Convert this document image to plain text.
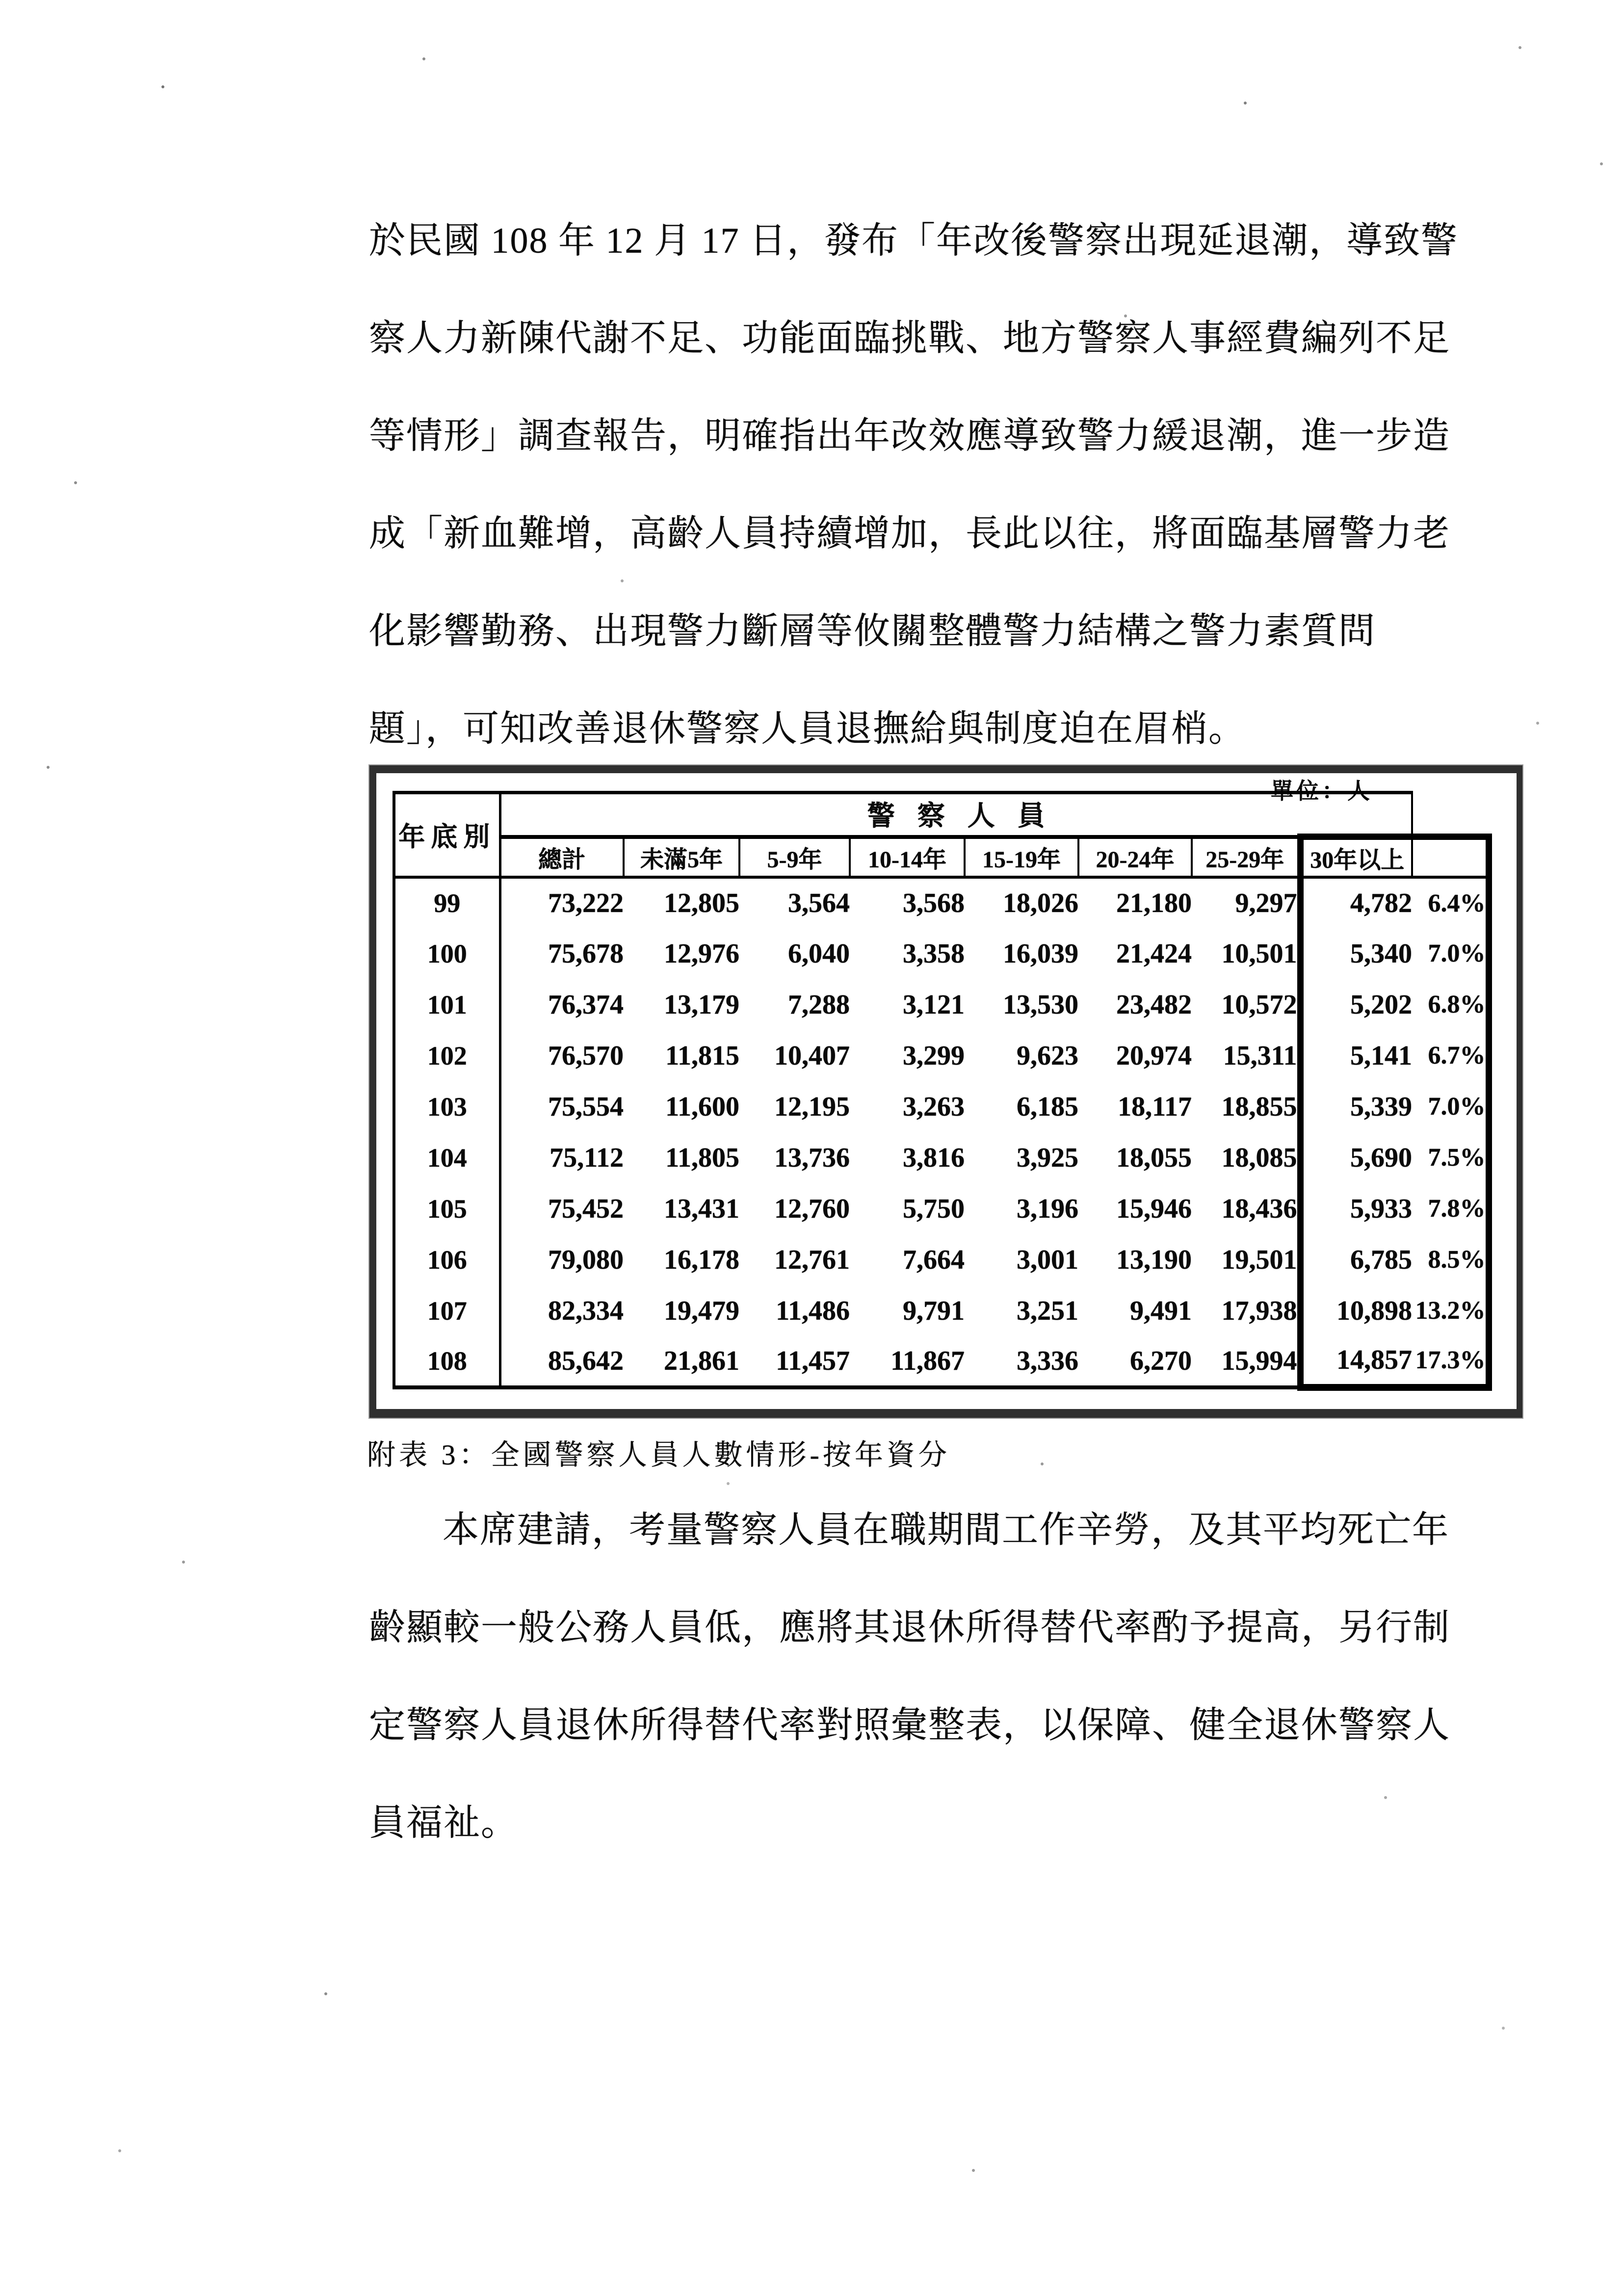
於民國 108 年 12 月 17 日，發布「年改後警察出現延退潮，導致警
察人力新陳代謝不足、功能面臨挑戰、地方警察人事經費編列不足
等情形」調查報告，明確指出年改效應導致警力緩退潮，進一步造
成「新血難增，高齡人員持續增加，長此以往，將面臨基層警力老
化影響勤務、出現警力斷層等攸關整體警力結構之警力素質問
題」，可知改善退休警察人員退撫給與制度迫在眉梢。
單位：人
年底別	警察人員								
	總計	未滿5年	5-9年	10-14年	15-19年	20-24年	25-29年	30年以上	
99	73,222	12,805	3,564	3,568	18,026	21,180	9,297	4,782	6.4%
100	75,678	12,976	6,040	3,358	16,039	21,424	10,501	5,340	7.0%
101	76,374	13,179	7,288	3,121	13,530	23,482	10,572	5,202	6.8%
102	76,570	11,815	10,407	3,299	9,623	20,974	15,311	5,141	6.7%
103	75,554	11,600	12,195	3,263	6,185	18,117	18,855	5,339	7.0%
104	75,112	11,805	13,736	3,816	3,925	18,055	18,085	5,690	7.5%
105	75,452	13,431	12,760	5,750	3,196	15,946	18,436	5,933	7.8%
106	79,080	16,178	12,761	7,664	3,001	13,190	19,501	6,785	8.5%
107	82,334	19,479	11,486	9,791	3,251	9,491	17,938	10,898	13.2%
108	85,642	21,861	11,457	11,867	3,336	6,270	15,994	14,857	17.3%
附表 3：全國警察人員人數情形-按年資分
本席建請，考量警察人員在職期間工作辛勞，及其平均死亡年
齡顯較一般公務人員低，應將其退休所得替代率酌予提高，另行制
定警察人員退休所得替代率對照彙整表，以保障、健全退休警察人
員福祉。
